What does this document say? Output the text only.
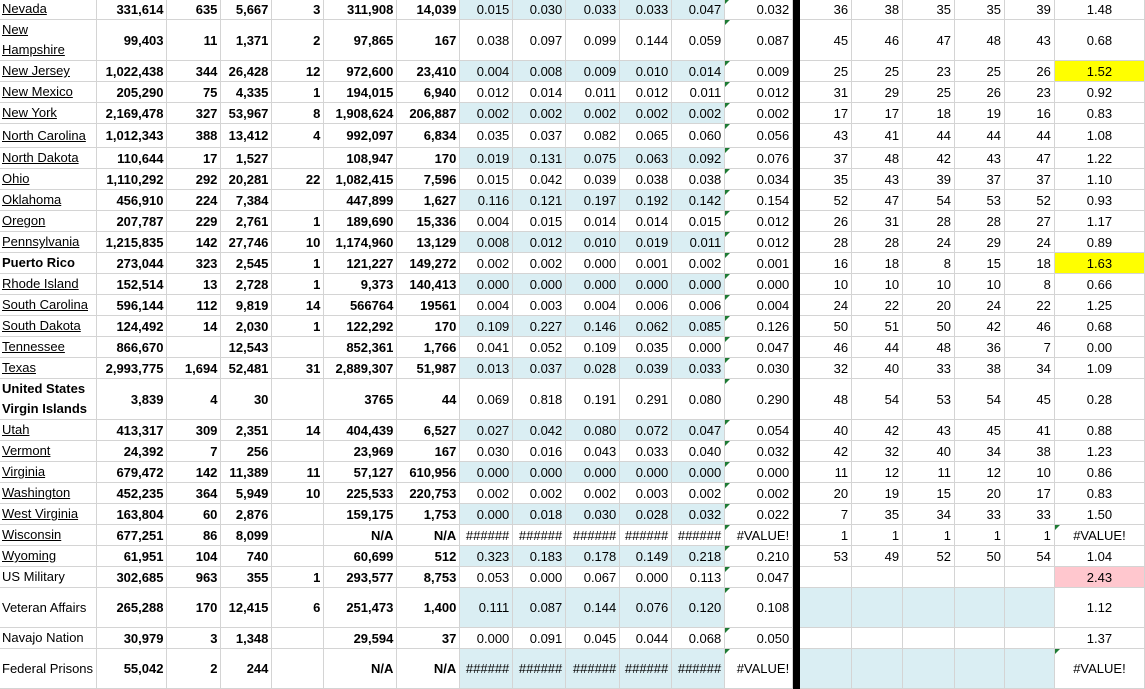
Nevada	331,614	635	5,667	3	311,908	14,039	0.015	0.030	0.033	0.033	0.047	0.032		36	38	35	35	39	1.48
New Hampshire	99,403	11	1,371	2	97,865	167	0.038	0.097	0.099	0.144	0.059	0.087		45	46	47	48	43	0.68
New Jersey	1,022,438	344	26,428	12	972,600	23,410	0.004	0.008	0.009	0.010	0.014	0.009		25	25	23	25	26	1.52
New Mexico	205,290	75	4,335	1	194,015	6,940	0.012	0.014	0.011	0.012	0.011	0.012		31	29	25	26	23	0.92
New York	2,169,478	327	53,967	8	1,908,624	206,887	0.002	0.002	0.002	0.002	0.002	0.002		17	17	18	19	16	0.83
North Carolina	1,012,343	388	13,412	4	992,097	6,834	0.035	0.037	0.082	0.065	0.060	0.056		43	41	44	44	44	1.08
North Dakota	110,644	17	1,527		108,947	170	0.019	0.131	0.075	0.063	0.092	0.076		37	48	42	43	47	1.22
Ohio	1,110,292	292	20,281	22	1,082,415	7,596	0.015	0.042	0.039	0.038	0.038	0.034		35	43	39	37	37	1.10
Oklahoma	456,910	224	7,384		447,899	1,627	0.116	0.121	0.197	0.192	0.142	0.154		52	47	54	53	52	0.93
Oregon	207,787	229	2,761	1	189,690	15,336	0.004	0.015	0.014	0.014	0.015	0.012		26	31	28	28	27	1.17
Pennsylvania	1,215,835	142	27,746	10	1,174,960	13,129	0.008	0.012	0.010	0.019	0.011	0.012		28	28	24	29	24	0.89
Puerto Rico	273,044	323	2,545	1	121,227	149,272	0.002	0.002	0.000	0.001	0.002	0.001		16	18	8	15	18	1.63
Rhode Island	152,514	13	2,728	1	9,373	140,413	0.000	0.000	0.000	0.000	0.000	0.000		10	10	10	10	8	0.66
South Carolina	596,144	112	9,819	14	566764	19561	0.004	0.003	0.004	0.006	0.006	0.004		24	22	20	24	22	1.25
South Dakota	124,492	14	2,030	1	122,292	170	0.109	0.227	0.146	0.062	0.085	0.126		50	51	50	42	46	0.68
Tennessee	866,670		12,543		852,361	1,766	0.041	0.052	0.109	0.035	0.000	0.047		46	44	48	36	7	0.00
Texas	2,993,775	1,694	52,481	31	2,889,307	51,987	0.013	0.037	0.028	0.039	0.033	0.030		32	40	33	38	34	1.09
United States Virgin Islands	3,839	4	30		3765	44	0.069	0.818	0.191	0.291	0.080	0.290		48	54	53	54	45	0.28
Utah	413,317	309	2,351	14	404,439	6,527	0.027	0.042	0.080	0.072	0.047	0.054		40	42	43	45	41	0.88
Vermont	24,392	7	256		23,969	167	0.030	0.016	0.043	0.033	0.040	0.032		42	32	40	34	38	1.23
Virginia	679,472	142	11,389	11	57,127	610,956	0.000	0.000	0.000	0.000	0.000	0.000		11	12	11	12	10	0.86
Washington	452,235	364	5,949	10	225,533	220,753	0.002	0.002	0.002	0.003	0.002	0.002		20	19	15	20	17	0.83
West Virginia	163,804	60	2,876		159,175	1,753	0.000	0.018	0.030	0.028	0.032	0.022		7	35	34	33	33	1.50
Wisconsin	677,251	86	8,099		N/A	N/A	######	######	######	######	######	#VALUE!		1	1	1	1	1	#VALUE!
Wyoming	61,951	104	740		60,699	512	0.323	0.183	0.178	0.149	0.218	0.210		53	49	52	50	54	1.04
US Military	302,685	963	355	1	293,577	8,753	0.053	0.000	0.067	0.000	0.113	0.047							2.43
Veteran Affairs	265,288	170	12,415	6	251,473	1,400	0.111	0.087	0.144	0.076	0.120	0.108							1.12
Navajo Nation	30,979	3	1,348		29,594	37	0.000	0.091	0.045	0.044	0.068	0.050							1.37
Federal Prisons	55,042	2	244		N/A	N/A	######	######	######	######	######	#VALUE!							#VALUE!
